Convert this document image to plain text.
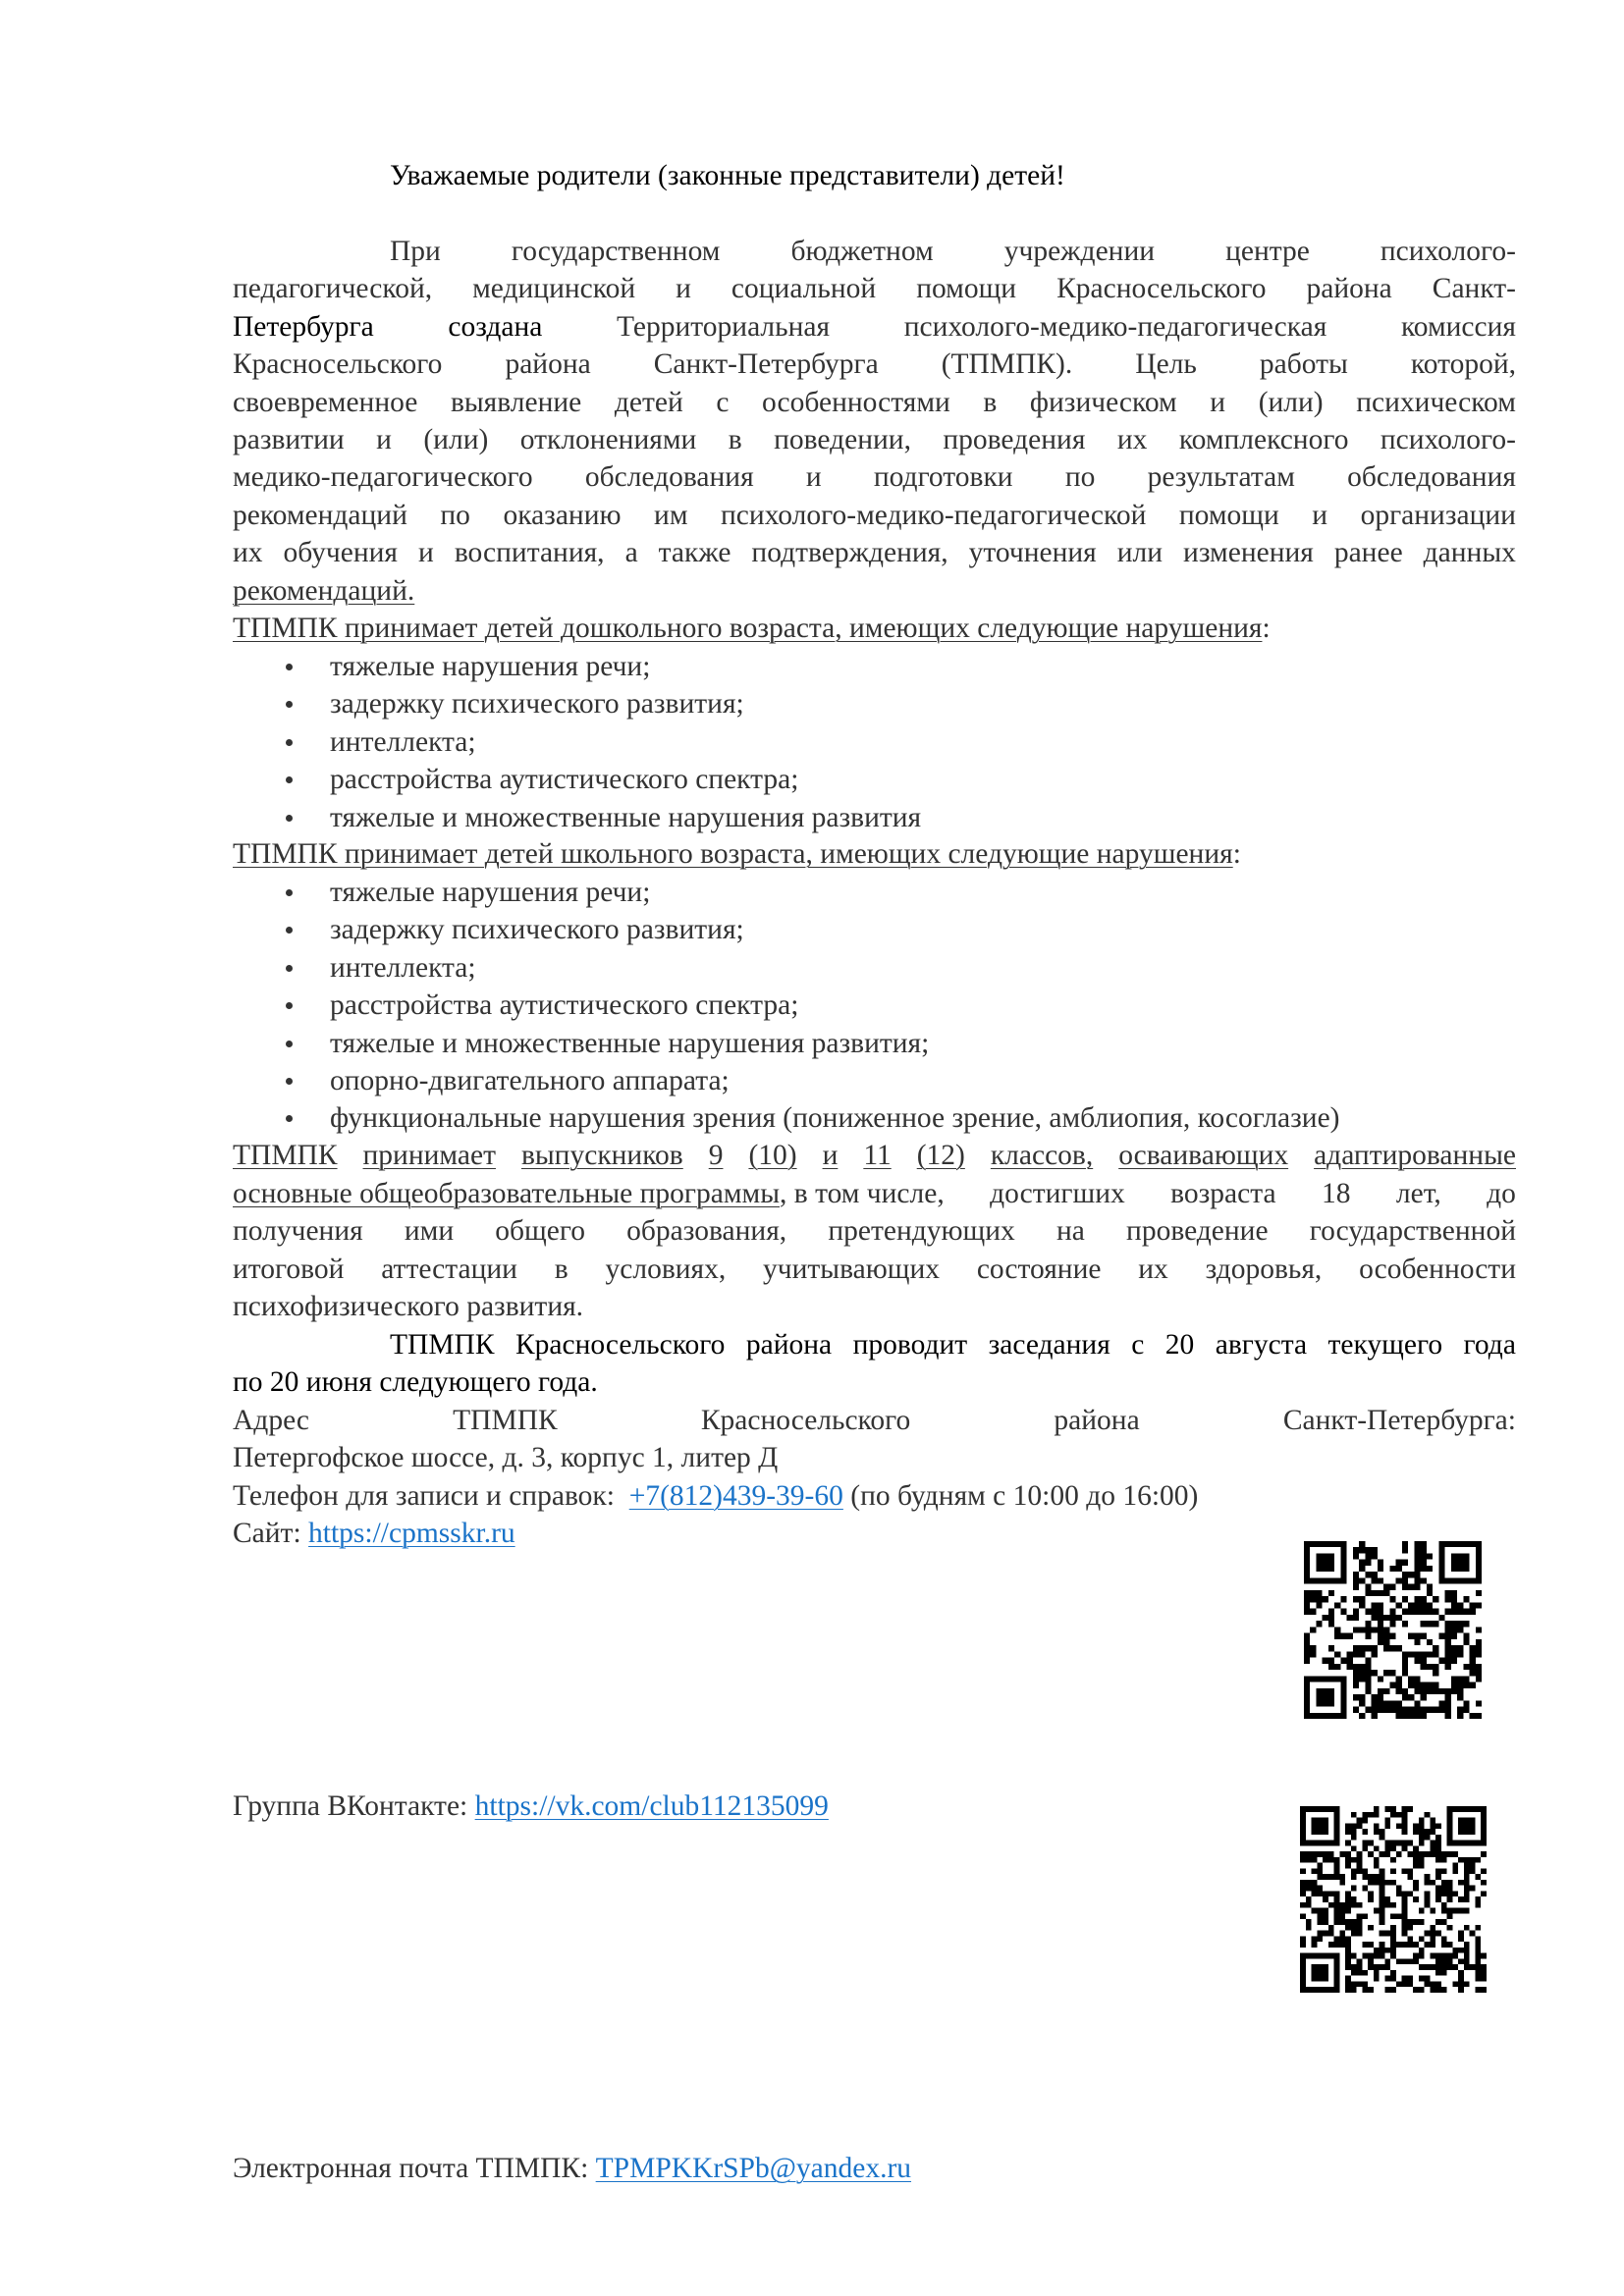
Уважаемые родители (законные представители) детей!
При государственном бюджетном учреждении центре психолого-
педагогической, медицинской и социальной помощи Красносельского района Санкт-
Петербурга	создана	Территориальная	психолого-медико-педагогическая	комиссия
Красносельского района Санкт-Петербурга (ТПМПК). Цель работы которой,
своевременное выявление детей с особенностями в физическом и (или) психическом
развитии и (или) отклонениями в поведении, проведения их комплексного психолого-
медико-педагогического обследования и подготовки по результатам обследования
рекомендаций по оказанию им психолого-медико-педагогической помощи и организации
их обучения и воспитания, а также подтверждения, уточнения или изменения ранее данных
рекомендаций.
ТПМПК принимает детей дошкольного возраста, имеющих следующие нарушения:
тяжелые нарушения речи;
задержку психического развития;
интеллекта;
расстройства аутистического спектра;
тяжелые и множественные нарушения развития
ТПМПК принимает детей школьного возраста, имеющих следующие нарушения:
тяжелые нарушения речи;
задержку психического развития;
интеллекта;
расстройства аутистического спектра;
тяжелые и множественные нарушения развития;
опорно-двигательного аппарата;
функциональные нарушения зрения (пониженное зрение, амблиопия, косоглазие)
ТПМПК принимает выпускников 9 (10) и 11 (12) классов, осваивающих адаптированные
основные общеобразовательные программы, в том числе, достигших возраста 18 лет, до
получения ими общего образования, претендующих на проведение государственной
итоговой аттестации в условиях, учитывающих состояние их здоровья, особенности
психофизического развития.
ТПМПК Красносельского района проводит заседания с 20 августа текущего года
по 20 июня следующего года.
Адрес	ТПМПК	Красносельского	района	Санкт-Петербурга:
Петергофское шоссе, д. 3, корпус 1, литер Д
Телефон для записи и справок:  +7(812)439-39-60 (по будням с 10:00 до 16:00)
Сайт: https://cpmsskr.ru
Группа ВКонтакте: https://vk.com/club112135099
Электронная почта ТПМПК: TPMPKKrSPb@yandex.ru
